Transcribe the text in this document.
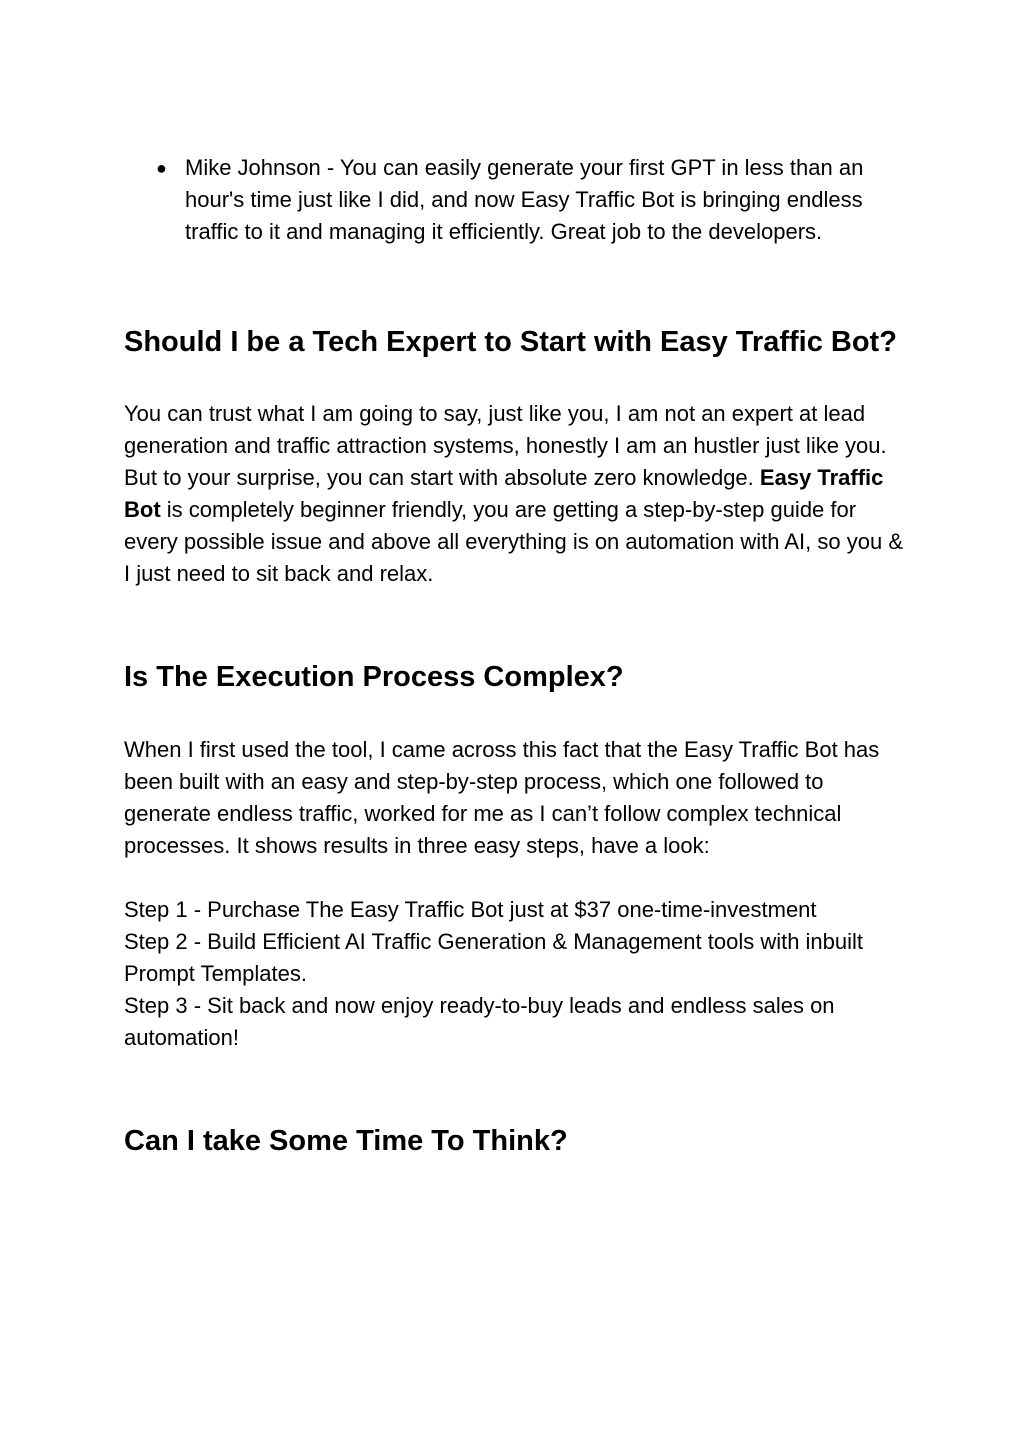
● Mike Johnson - You can easily generate your first GPT in less than an hour's time just like I did, and now Easy Traffic Bot is bringing endless traffic to it and managing it efficiently. Great job to the developers.
Should I be a Tech Expert to Start with Easy Traffic Bot?

You can trust what I am going to say, just like you, I am not an expert at lead generation and traffic attraction systems, honestly I am an hustler just like you. But to your surprise, you can start with absolute zero knowledge. Easy Traffic Bot is completely beginner friendly, you are getting a step-by-step guide for every possible issue and above all everything is on automation with AI, so you & I just need to sit back and relax.

Is The Execution Process Complex?

When I first used the tool, I came across this fact that the Easy Traffic Bot has been built with an easy and step-by-step process, which one followed to generate endless traffic, worked for me as I can’t follow complex technical processes. It shows results in three easy steps, have a look:

Step 1 - Purchase The Easy Traffic Bot just at $37 one-time-investment
Step 2 - Build Efficient AI Traffic Generation & Management tools with inbuilt Prompt Templates.
Step 3 - Sit back and now enjoy ready-to-buy leads and endless sales on automation!

Can I take Some Time To Think?
